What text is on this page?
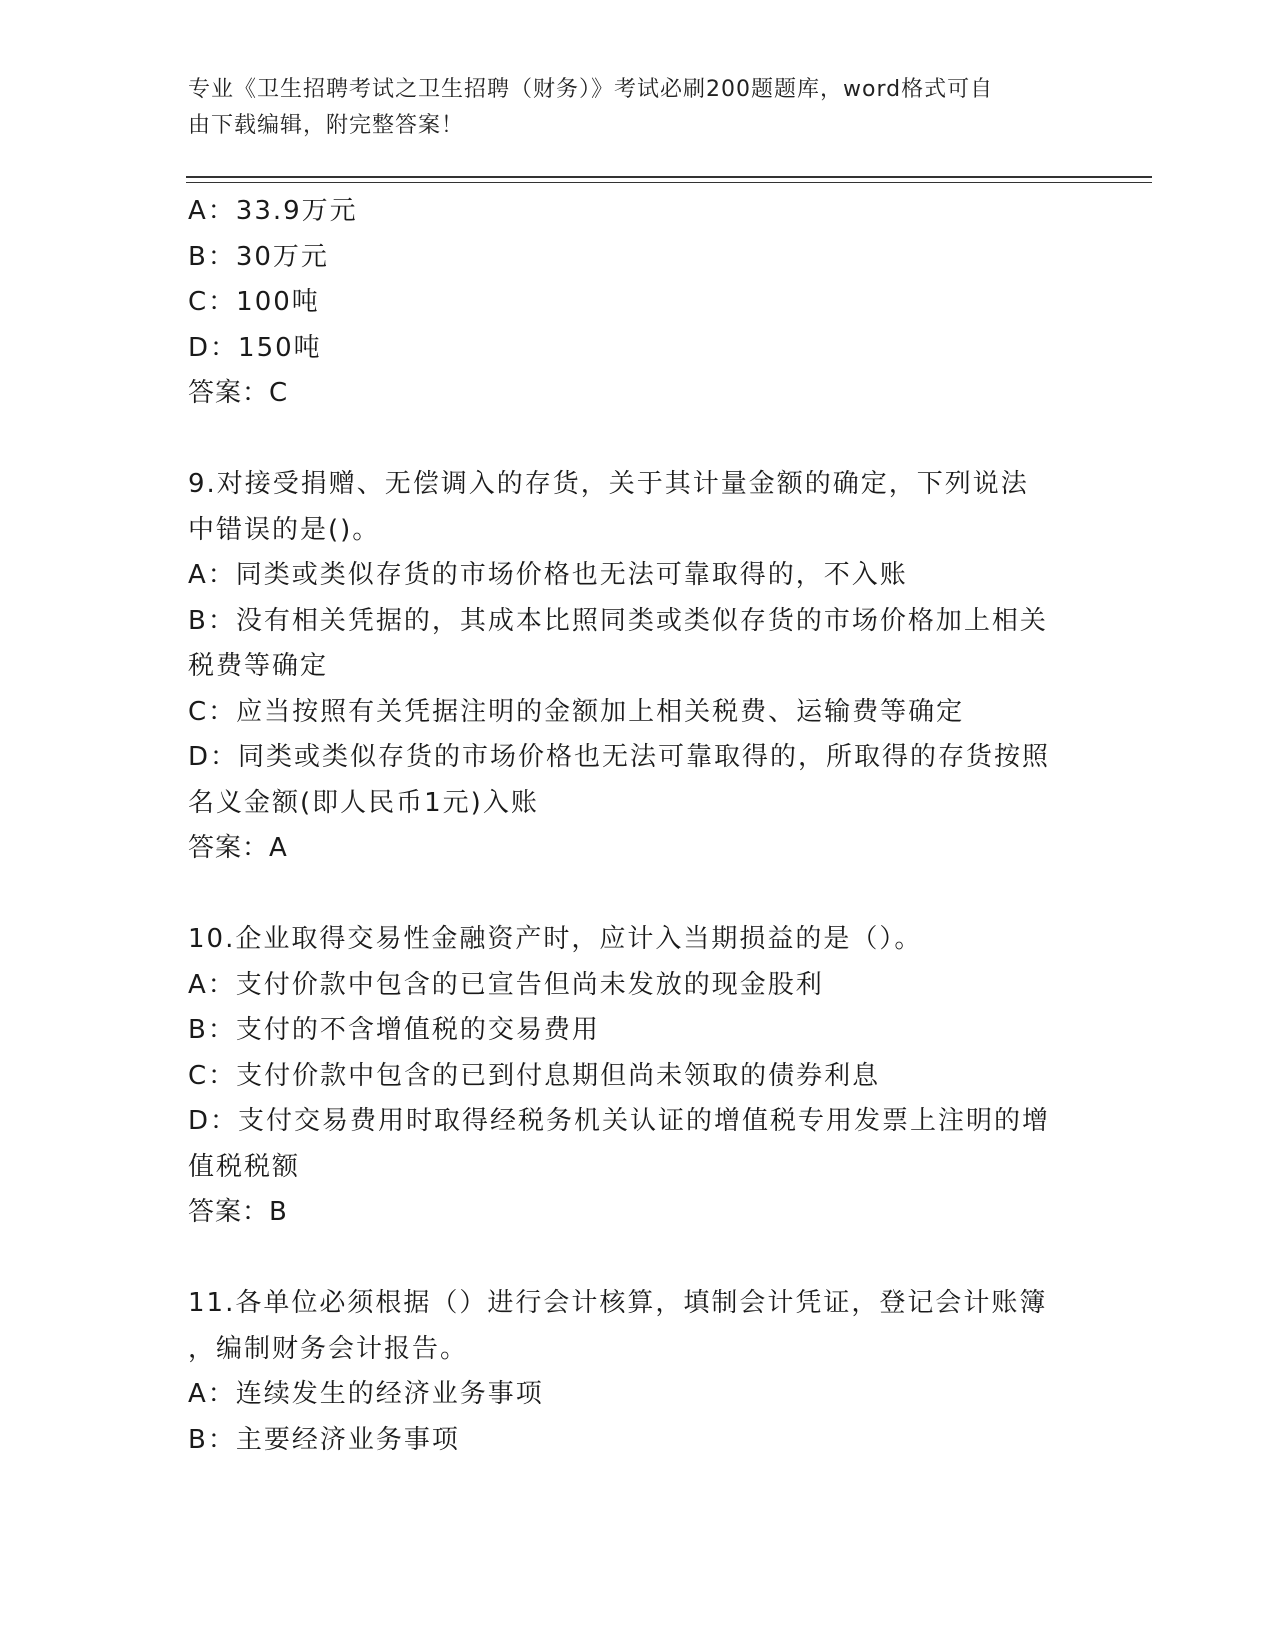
专业《卫生招聘考试之卫生招聘（财务）》考试必刷200题题库，word格式可自
由下载编辑，附完整答案！
A：33.9万元
B：30万元
C：100吨
D：150吨
答案：C
9.对接受捐赠、无偿调入的存货，关于其计量金额的确定，下列说法
中错误的是()。
A：同类或类似存货的市场价格也无法可靠取得的，不入账
B：没有相关凭据的，其成本比照同类或类似存货的市场价格加上相关
税费等确定
C：应当按照有关凭据注明的金额加上相关税费、运输费等确定
D：同类或类似存货的市场价格也无法可靠取得的，所取得的存货按照
名义金额(即人民币1元)入账
答案：A
10.企业取得交易性金融资产时，应计入当期损益的是（）。
A：支付价款中包含的已宣告但尚未发放的现金股利
B：支付的不含增值税的交易费用
C：支付价款中包含的已到付息期但尚未领取的债券利息
D：支付交易费用时取得经税务机关认证的增值税专用发票上注明的增
值税税额
答案：B
11.各单位必须根据（）进行会计核算，填制会计凭证，登记会计账簿
，编制财务会计报告。
A：连续发生的经济业务事项
B：主要经济业务事项
